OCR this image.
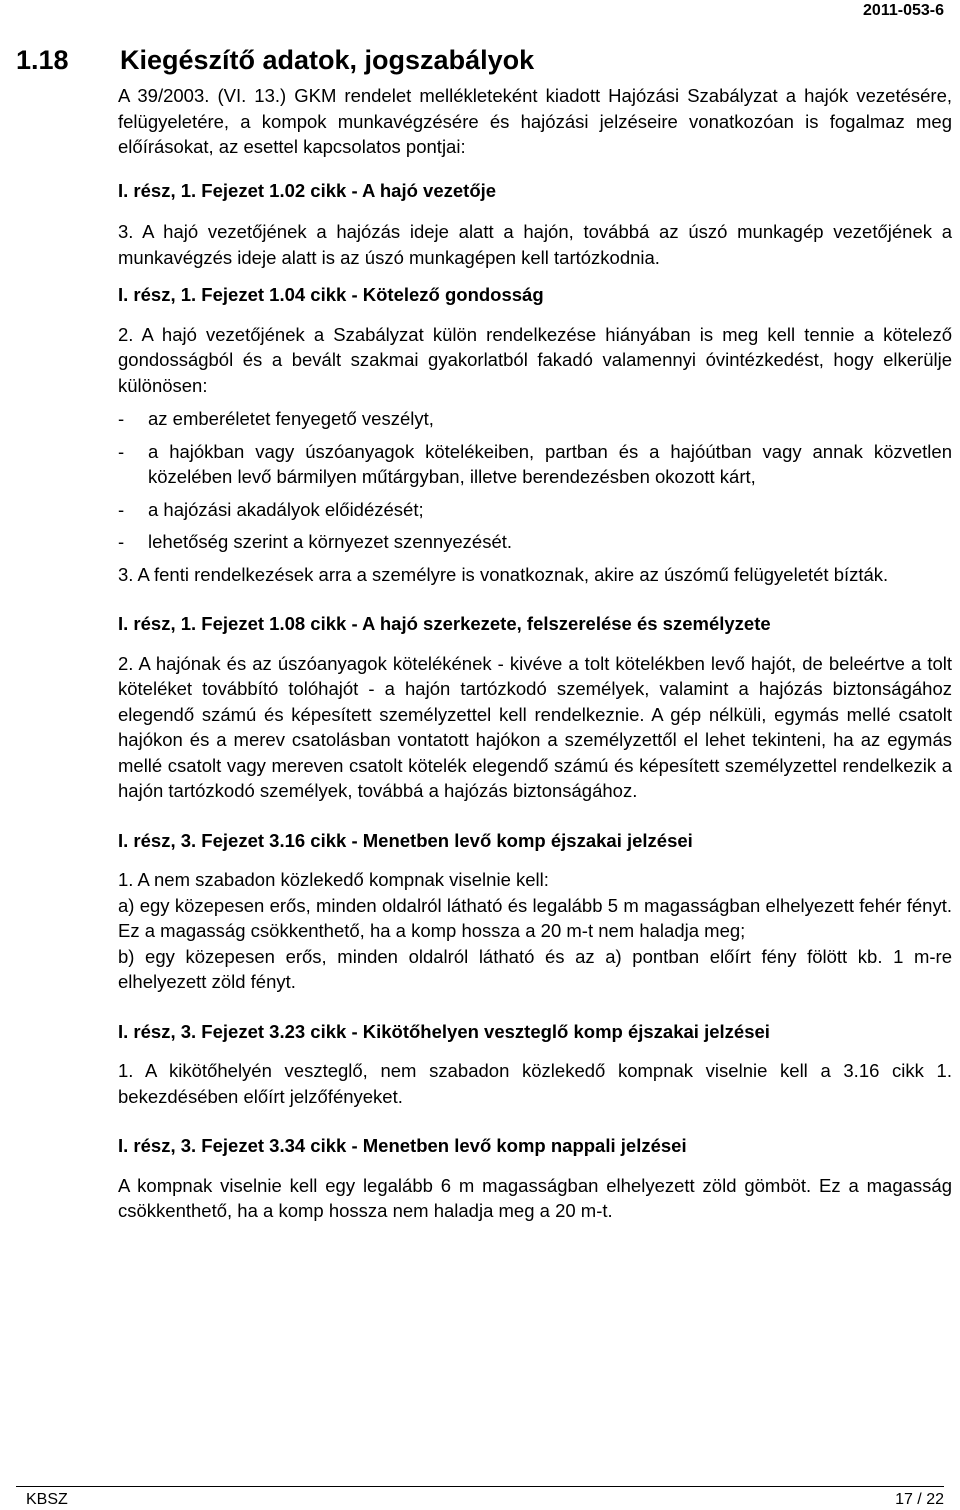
2011-053-6
1.18 Kiegészítő adatok, jogszabályok

A 39/2003. (VI. 13.) GKM rendelet mellékleteként kiadott Hajózási Szabályzat a hajók vezetésére, felügyeletére, a kompok munkavégzésére és hajózási jelzéseire vonatkozóan is fogalmaz meg előírásokat, az esettel kapcsolatos pontjai:

I. rész, 1. Fejezet 1.02 cikk - A hajó vezetője

3. A hajó vezetőjének a hajózás ideje alatt a hajón, továbbá az úszó munkagép vezetőjének a munkavégzés ideje alatt is az úszó munkagépen kell tartózkodnia.

I. rész, 1. Fejezet 1.04 cikk - Kötelező gondosság

2. A hajó vezetőjének a Szabályzat külön rendelkezése hiányában is meg kell tennie a kötelező gondosságból és a bevált szakmai gyakorlatból fakadó valamennyi óvintézkedést, hogy elkerülje különösen:

- az emberéletet fenyegető veszélyt,
- a hajókban vagy úszóanyagok kötelékeiben, partban és a hajóútban vagy annak közvetlen közelében levő bármilyen műtárgyban, illetve berendezésben okozott kárt,
- a hajózási akadályok előidézését;
- lehetőség szerint a környezet szennyezését.

3. A fenti rendelkezések arra a személyre is vonatkoznak, akire az úszómű felügyeletét bízták.

I. rész, 1. Fejezet 1.08 cikk - A hajó szerkezete, felszerelése és személyzete

2. A hajónak és az úszóanyagok kötelékének - kivéve a tolt kötelékben levő hajót, de beleértve a tolt köteléket továbbító tolóhajót - a hajón tartózkodó személyek, valamint a hajózás biztonságához elegendő számú és képesített személyzettel kell rendelkeznie. A gép nélküli, egymás mellé csatolt hajókon és a merev csatolásban vontatott hajókon a személyzettől el lehet tekinteni, ha az egymás mellé csatolt vagy mereven csatolt kötelék elegendő számú és képesített személyzettel rendelkezik a hajón tartózkodó személyek, továbbá a hajózás biztonságához.

I. rész, 3. Fejezet 3.16 cikk - Menetben levő komp éjszakai jelzései

1. A nem szabadon közlekedő kompnak viselnie kell:

a) egy közepesen erős, minden oldalról látható és legalább 5 m magasságban elhelyezett fehér fényt. Ez a magasság csökkenthető, ha a komp hossza a 20 m-t nem haladja meg;

b) egy közepesen erős, minden oldalról látható és az a) pontban előírt fény fölött kb. 1 m-re elhelyezett zöld fényt.

I. rész, 3. Fejezet 3.23 cikk - Kikötőhelyen veszteglő komp éjszakai jelzései

1. A kikötőhelyén veszteglő, nem szabadon közlekedő kompnak viselnie kell a 3.16 cikk 1. bekezdésében előírt jelzőfényeket.

I. rész, 3. Fejezet 3.34 cikk - Menetben levő komp nappali jelzései

A kompnak viselnie kell egy legalább 6 m magasságban elhelyezett zöld gömböt. Ez a magasság csökkenthető, ha a komp hossza nem haladja meg a 20 m-t.

KBSZ	17 / 22
